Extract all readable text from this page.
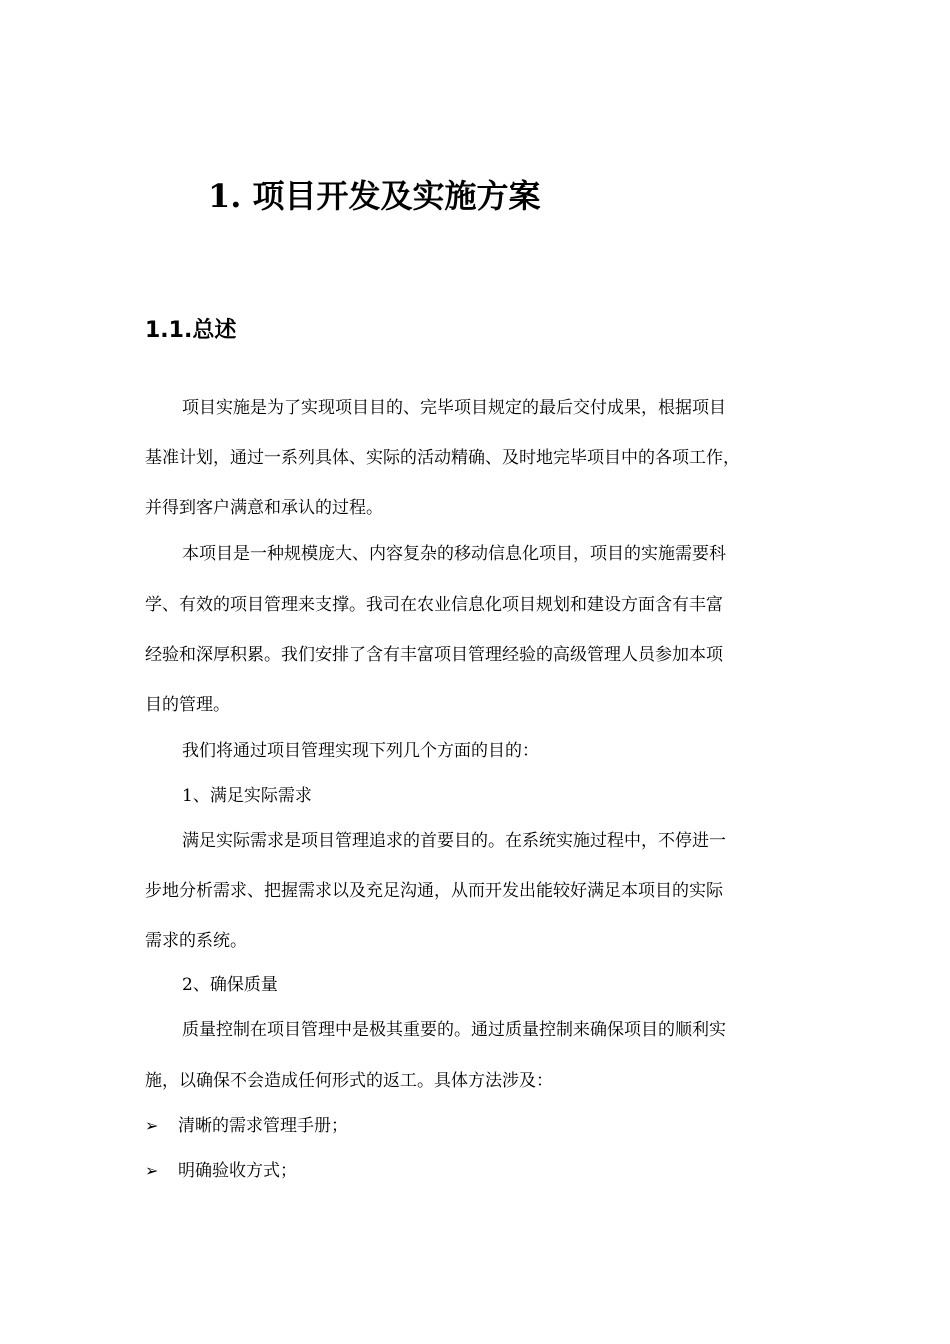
1. 项目开发及实施方案
1.1.总述
项目实施是为了实现项目目的、完毕项目规定的最后交付成果，根据项目
基准计划，通过一系列具体、实际的活动精确、及时地完毕项目中的各项工作，
并得到客户满意和承认的过程。
本项目是一种规模庞大、内容复杂的移动信息化项目，项目的实施需要科
学、有效的项目管理来支撑。我司在农业信息化项目规划和建设方面含有丰富
经验和深厚积累。我们安排了含有丰富项目管理经验的高级管理人员参加本项
目的管理。
我们将通过项目管理实现下列几个方面的目的：
1、满足实际需求
满足实际需求是项目管理追求的首要目的。在系统实施过程中，不停进一
步地分析需求、把握需求以及充足沟通，从而开发出能较好满足本项目的实际
需求的系统。
2、确保质量
质量控制在项目管理中是极其重要的。通过质量控制来确保项目的顺利实
施，以确保不会造成任何形式的返工。具体方法涉及：
➢ 清晰的需求管理手册；
➢ 明确验收方式；
